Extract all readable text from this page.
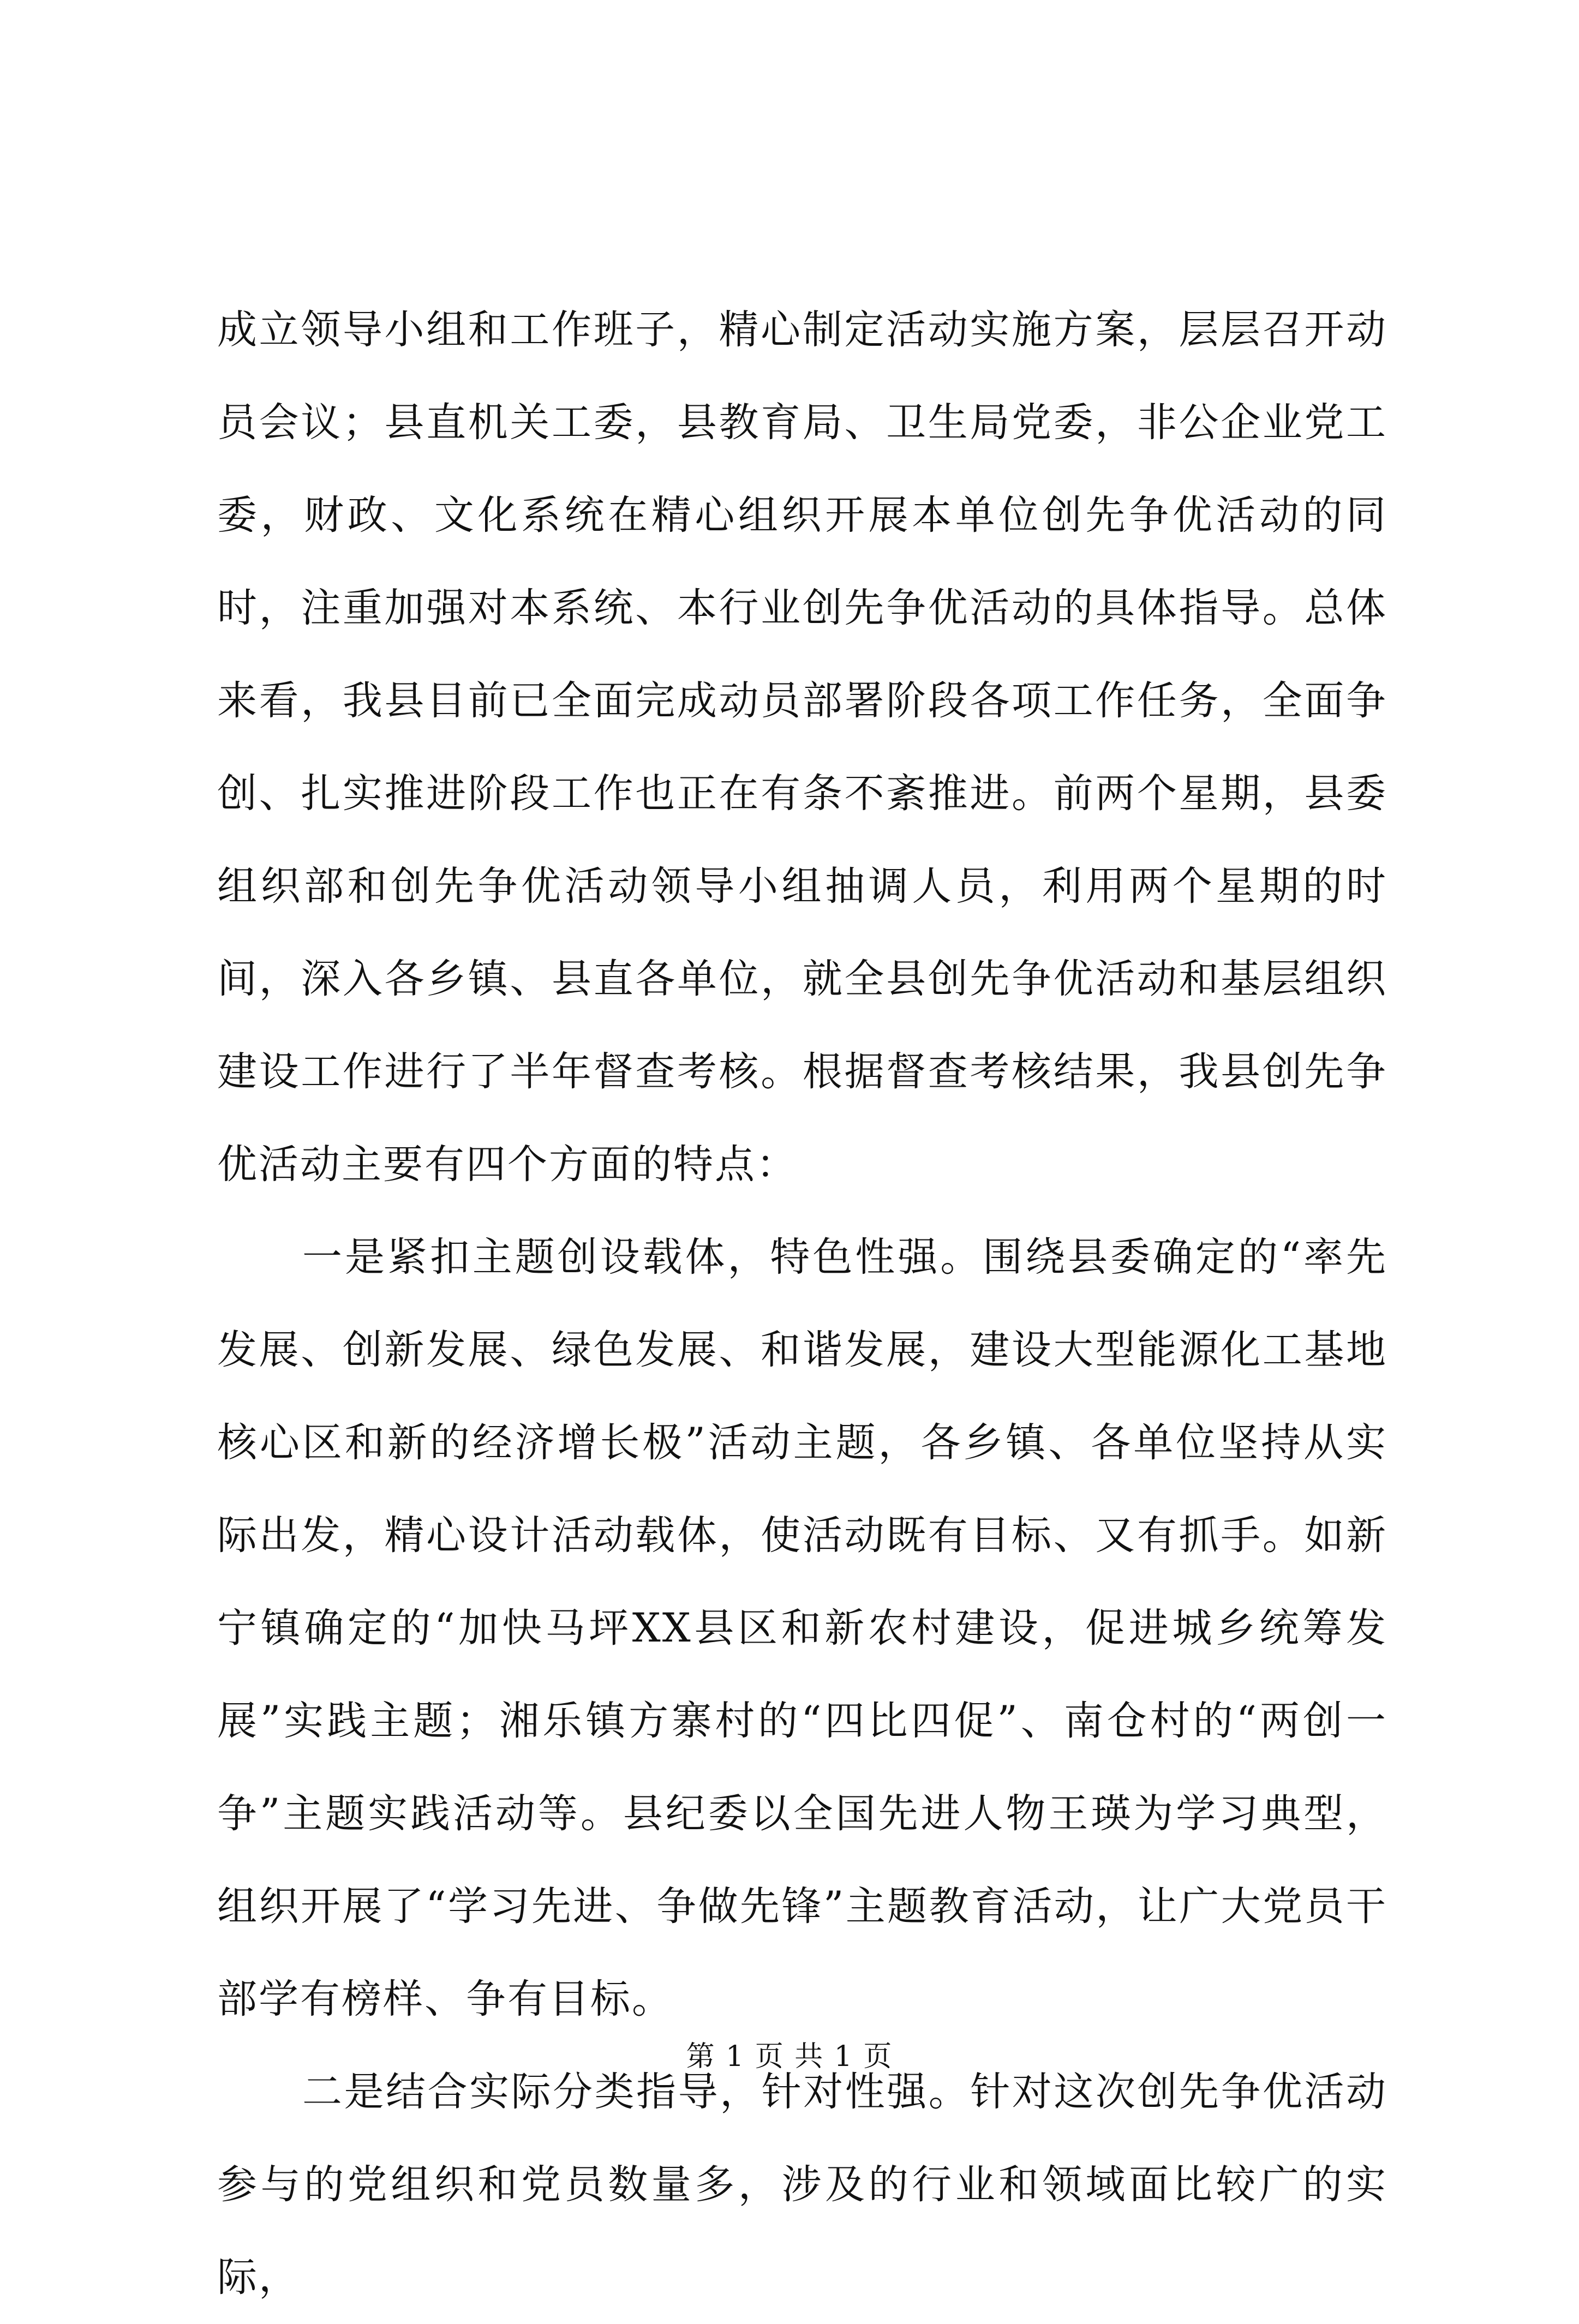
成立领导小组和工作班子，精心制定活动实施方案，层层召开动员会议；县直机关工委，县教育局、卫生局党委，非公企业党工委，财政、文化系统在精心组织开展本单位创先争优活动的同时，注重加强对本系统、本行业创先争优活动的具体指导。总体来看，我县目前已全面完成动员部署阶段各项工作任务，全面争创、扎实推进阶段工作也正在有条不紊推进。前两个星期，县委组织部和创先争优活动领导小组抽调人员，利用两个星期的时间，深入各乡镇、县直各单位，就全县创先争优活动和基层组织建设工作进行了半年督查考核。根据督查考核结果，我县创先争优活动主要有四个方面的特点：

一是紧扣主题创设载体，特色性强。围绕县委确定的“率先发展、创新发展、绿色发展、和谐发展，建设大型能源化工基地核心区和新的经济增长极”活动主题，各乡镇、各单位坚持从实际出发，精心设计活动载体，使活动既有目标、又有抓手。如新宁镇确定的“加快马坪XX县区和新农村建设，促进城乡统筹发展”实践主题；湘乐镇方寨村的“四比四促”、南仓村的“两创一争”主题实践活动等。县纪委以全国先进人物王瑛为学习典型，组织开展了“学习先进、争做先锋”主题教育活动，让广大党员干部学有榜样、争有目标。

二是结合实际分类指导，针对性强。针对这次创先争优活动参与的党组织和党员数量多，涉及的行业和领域面比较广的实际，

第 1 页 共 1 页
